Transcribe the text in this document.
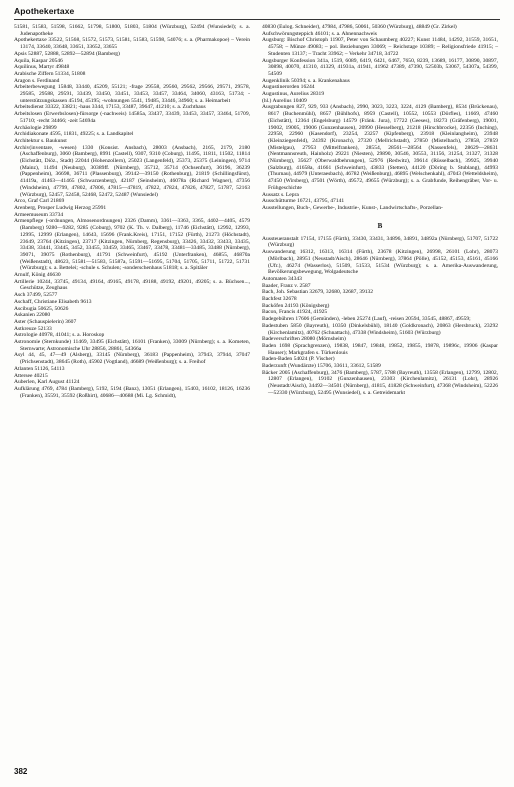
Apothekertaxe
51581, 51583, 51598, 51662, 51798, 51800, 51803, 51804 (Würzburg), 52494 (Wunsiedel); s. a. Judenapotheke
Apothekertaxe 33522, 51568, 51572, 51573, 51581, 51583, 51598, 54076; s. a. (Pharmakopoe) – Verein 13174, 33640, 33648, 33651, 33652, 33655
Apsis 52887, 52888, 52892—52894 (Bamberg)
Aquila, Kaspar 20546
Aquilinus, Martyr 49848
Arabische Ziffern 51334, 51808
Aragon s. Ferdinand
Arbeiterbewegung 15848, 33440, 45209, 55121; -frage 29558, 29560, 29562, 29566, 29571, 29578, 29585, 29588, 29591, 33439, 33450, 33451, 33453, 33457, 33464, 34060, 43163, 51734; -unterstützungskassen 45194, 45195; -wohnungen 5541, 19485, 33446, 34960; s. a. Heimarbeit
Arbeitsdienst 33322, 33821; -haus 3344, 17153, 33487, 39647, 41210; s. a. Zuchthaus
Arbeitslosen (Erwerbslosen)-fürsorge (-nachweis) 14585a, 33437, 33439, 33453, 33457, 33464, 51709, 51710; -recht 34466; -zeit 54694a
Archäologie 29899
Archidiakonate 4595, 11831, 49225; s. a. Landkapitel
Architektur s. Baukunst
Archiv(inventare, -wesen) 1330 (Konsist. Ansbach), 28003 (Ansbach), 2165, 2179, 2180 (Aschaffenburg), 3060 (Bamberg), 8991 (Castell), 9307, 9310 (Coburg), 11495, 11811, 11502, 11814 (Eichstätt, Diöz., Stadt) 22044 (Hohenzollern), 25023 (Langenfeld), 25373, 25375 (Leiningen), 9714 (Mainz), 11494 (Neuburg), 30389ff. (Nürnberg), 35712, 35714 (Ochsenfurt), 36196, 36239 (Pappenheim), 36698, 36711 (Plassenburg), 39142—39150 (Rothenburg), 21819 (Schillingsfürst), 41419a, 41463—41465 (Schwarzenberg), 42187 (Seinsheim), 46078a (Richard Wagner), 47356 (Windsheim), 47799, 47802, 47806, 47815—47819, 47822, 47824, 47826, 47827, 51787, 52163 (Würzburg), 52457, 52458, 52468, 52472, 52487 (Wunsiedel)
Arco, Graf Carl 21869
Arenberg, Prosper Ludwig Herzog 25991
Armeemuseum 33734
Armenpflege (-ordnungen, Almosenordnungen) 2326 (Damm), 3361—3363, 3365, 4402—4405, 4579 (Bamberg) 9280—9282, 9285 (Coburg), 9702 (K. Th. v. Dalberg), 11746 (Eichstätt), 12992, 12993, 12995, 12999 (Erlangen), 14643, 15696 (Frank.Kreis), 17151, 17152 (Fürth), 21273 (Höchstadt), 23649, 23764 (Kitzingen), 23717 (Kitzingen, Nürnberg, Regensburg), 33426, 33432, 33433, 33435, 33438, 33441, 33445, 3452, 33455, 33459, 33465, 33467, 33478, 33481—33485, 33488 (Nürnberg), 39071, 39075 (Rothenburg), 41791 (Schweinfurt), 45192 (Unterfranken), 46855, 46870a (Weißenstadt), 48623, 51581—51583, 51587a, 51591—51695, 51704, 51705, 51711, 51722, 51731 (Würzburg); s. a. Bettelei; -schule s. Schulen; -sonderschenhaus 51818; s. a. Spitäler
Arnulf, König 46630
Artillerie 10244, 33745, 49134, 49164, 49165, 49178, 49188, 49192, 49201, 49205; s. a. Büchsen..., Geschütze, Zeughaus
Asch 37499, 52577
Aschaff, Christiane Elisabeth 9613
Ascibugia 50625, 50626
Askanien 22080
Aster (Schauspielerin) 3607
Astkreuze 52133
Astrologie 40978, 41041; s. a. Horoskop
Astronomie (Sternkunde) 11469, 33495 (Eichstätt), 16101 (Franken), 33009 (Nürnberg); s. a. Kometen, Sternwarte; Astronomische Uhr 28856, 28861, 54366a
Asyl 44, 45, 47—49 (Alsberg), 33145 (Nürnberg), 36183 (Pappenheim), 37943, 37944, 37047 (Prichsenstadt), 38645 (Roth), 45902 (Vogtland), 46689 (Weißenburg); s. a. Freihof
Atlanten 51126, 54113
Attersee 40215
Auberlen, Karl August 41124
Aufklärung 4769, 4784 (Bamberg), 5192, 5194 (Banz), 13051 (Erlangen), 15403, 16102, 18126, 16236 (Franken), 35591, 35592 (Roßhirt), 40686—40688 (Mi. Lg. Schmidt),
40830 (Eulog. Schneider), 47984, 47986, 50061, 50360 (Würzburg), 48849 (Gr. Zirkel)
Aufschwörungsteppich 46101; s. a. Ahnennachweis
Augsburg: Bischof Christoph 11907, Peter von Schaumberg 40227; Kunst 11484, 14292, 31559, 31651, 45758; – Münze 49083; – pol. Beziehungen 33069; – Reichstage 10389; – Religionsfriede 41915; – Studenten 13137; – Tracht 33962; – Verkehr 34718, 34722
Augsburger Konfession 341a, 1519, 6089, 6419, 6421, 6467, 7650, 8239, 13689, 16177, 30890, 30897, 30898, 40070, 41310, 41329, 41931a, 41941, 41962 47389, 47390, 52503b, 53067, 54307a, 54399, 54509
Augenklinik 50394; s. a. Krankenahaus
Augustinerorden 16244
Augustinus, Aurelius 28319
(hl.) Aurelius 10409
Ausgrabungen 827, 929, 933 (Ansbach), 2990, 3023, 3223, 3224, 4129 (Bamberg), 8534 (Brückenau), 8617 (Buchenmühl), 8657 (Bühlhofs), 8959 (Castell), 10552, 10553 (Dörfles), 11669, 47460 (Eichstätt), 12364 (Engelsburg) 14579 (Fränk. Jura), 17722 (Geeses), 18273 (Gräfenberg), 19001, 19002, 19005, 19006 (Gunzenhausen), 20990 (Hesselberg), 21218 (Hirschbrocke), 22356 (Inching), 22958, 22960 (Kasendorf), 23254, 23257 (Kipfenberg), 23918 (Kleinlangheim), 23948 (Kleinziegenfeld), 24392 (Kronach), 27320 (Mellrichstadt), 27850 (Mistelbach), 27858, 27859 (Mistelgau), 27953 (Mittelfranken), 28554, 28561—28564 (Nassenfels), 28629—28631 (Nentmannsreuth, Hainholz) 29221 (Niesten), 29890, 30546, 30553, 31156, 31254, 31327, 31328 (Nürnberg), 35627 (Oberwaldbehrungen), 52976 (Redwitz), 39614 (Rüsselbach), 39925, 39940 (Salzburg), 41658a, 41661 (Schweinfurt), 43833 (Stetten), 44120 (Döring b. Stublang), 44993 (Thurnau), 44979 (Unteraesbach), 46782 (Weißenburg), 46895 (Welschenkahl), 47043 (Wetteldsheim), 47450 (Wirsberg), 47501 (Wörth), 49572, 49655 (Würzburg); s. a. Grabfunde, Reihengräber, Vor- u. Frühgeschichte
Aussatz s. Lepra
Ausschütturme 16721, 43795, 47141
Ausstellungen, Buch-, Gewerbe-, Industrie-, Kunst-, Landwirtschafts-, Porzellan-
B
Aussteueranstalt 17154, 17155 (Fürth), 33430, 33431, 34896, 34891, 34892a (Nürnberg), 51707, 51722 (Würzburg)
Auswanderung 16312, 16313, 16314 (Fürth), 23678 (Kitzingen), 26998, 26101 (Lohr), 28073 (Mörlbach), 28951 (Neustadt/Aisch), 28646 (Nürnberg), 37864 (Pölle), 45152, 45153, 45161, 45166 (Ufr.), 46274 (Wasserlos), 51509, 51533, 51534 (Würzburg); s. a. Amerika-Auswanderung, Bevölkerungsbewegung, Wolgadeutsche
Automaten 34343
Baader, Franz v. 2587
Bach, Joh. Sebastian 32679, 32680, 32687, 39132
Bachfest 32678
Backöfen 24193 (Königsberg)
Bacon, Francis 41924, 41925
Badegebühren 17606 (Gemünden), -leben 25274 (Lauf), -reisen 20594, 33545, 48867, 49559;
Badestuben 5850 (Bayreuth), 10350 (Dinkelsbühl), 18140 (Goldkronach), 20863 (Hersbruck), 23292 (Kirchenlamitz), 40762 (Schnattach), 47338 (Windsheim), 51603 (Würzburg)
Badeverschriften 28080 (Mörnsheim)
Baden 1698 (Sprachgrenzen), 19838, 19847, 19848, 19852, 19855, 19878, 19896c, 19906 (Kaspar Hauser); Markgrafen s. Türkenlouis
Baden-Baden 54024 (P. Vischer)
Baderzunft (Wundärzte) 15706, 33611, 33612, 51589
Bäcker 2005 (Aschaffenburg), 3476 (Bamberg), 5787, 5788 (Bayreuth), 13558 (Erlangen), 12799, 12802, 12807 (Erlangen), 19102 (Gunzenhausen), 23303 (Kirchenlamitz), 26131 (Lohr), 28926 (Neustadt/Aisch), 34492—34501 (Nürnberg), 41815, 41828 (Schweinfurt), 47368 (Windsheim), 52226—52330 (Würzburg), 52495 (Wunsiedel), s. a. Getreidemarkt
382
